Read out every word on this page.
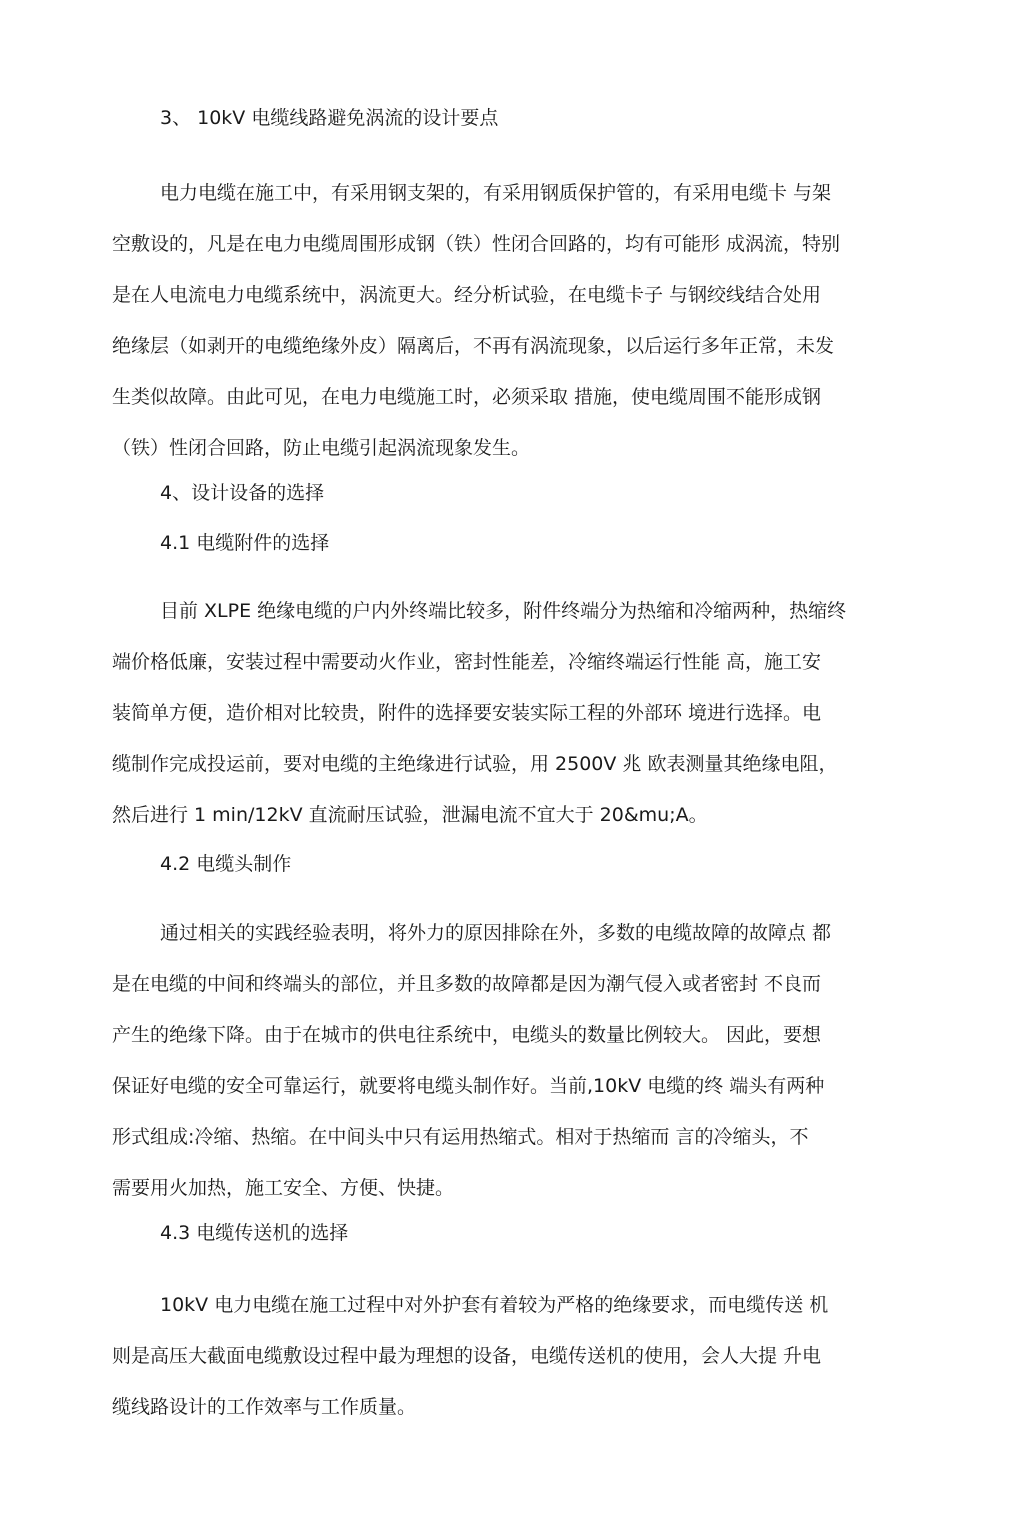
3、 10kV 电缆线路避免涡流的设计要点

电力电缆在施工中，有采用钢支架的，有采用钢质保护管的，有采用电缆卡 与架
空敷设的，凡是在电力电缆周围形成钢（铁）性闭合回路的，均有可能形 成涡流，特别
是在人电流电力电缆系统中，涡流更大。经分析试验，在电缆卡子 与钢绞线结合处用
绝缘层（如剥开的电缆绝缘外皮）隔离后，不再有涡流现象，以后运行多年正常，未发
生类似故障。由此可见，在电力电缆施工时，必须采取 措施，使电缆周围不能形成钢
（铁）性闭合回路，防止电缆引起涡流现象发生。

4、设计设备的选择

4.1 电缆附件的选择

目前 XLPE 绝缘电缆的户内外终端比较多，附件终端分为热缩和冷缩两种，热缩终
端价格低廉，安装过程中需要动火作业，密封性能差，冷缩终端运行性能 高，施工安
装简单方便，造价相对比较贵，附件的选择要安装实际工程的外部环 境进行选择。电
缆制作完成投运前，要对电缆的主绝缘进行试验，用 2500V 兆 欧表测量其绝缘电阻，
然后进行 1 min/12kV 直流耐压试验，泄漏电流不宜大于 20&mu;A。

4.2 电缆头制作

通过相关的实践经验表明，将外力的原因排除在外，多数的电缆故障的故障点 都
是在电缆的中间和终端头的部位，并且多数的故障都是因为潮气侵入或者密封 不良而
产生的绝缘下降。由于在城市的供电往系统中，电缆头的数量比例较大。 因此，要想
保证好电缆的安全可靠运行，就要将电缆头制作好。当前,10kV 电缆的终 端头有两种
形式组成:冷缩、热缩。在中间头中只有运用热缩式。相对于热缩而 言的冷缩头，不
需要用火加热，施工安全、方便、快捷。

4.3 电缆传送机的选择

10kV 电力电缆在施工过程中对外护套有着较为严格的绝缘要求，而电缆传送 机
则是高压大截面电缆敷设过程中最为理想的设备，电缆传送机的使用，会人大提 升电
缆线路设计的工作效率与工作质量。
